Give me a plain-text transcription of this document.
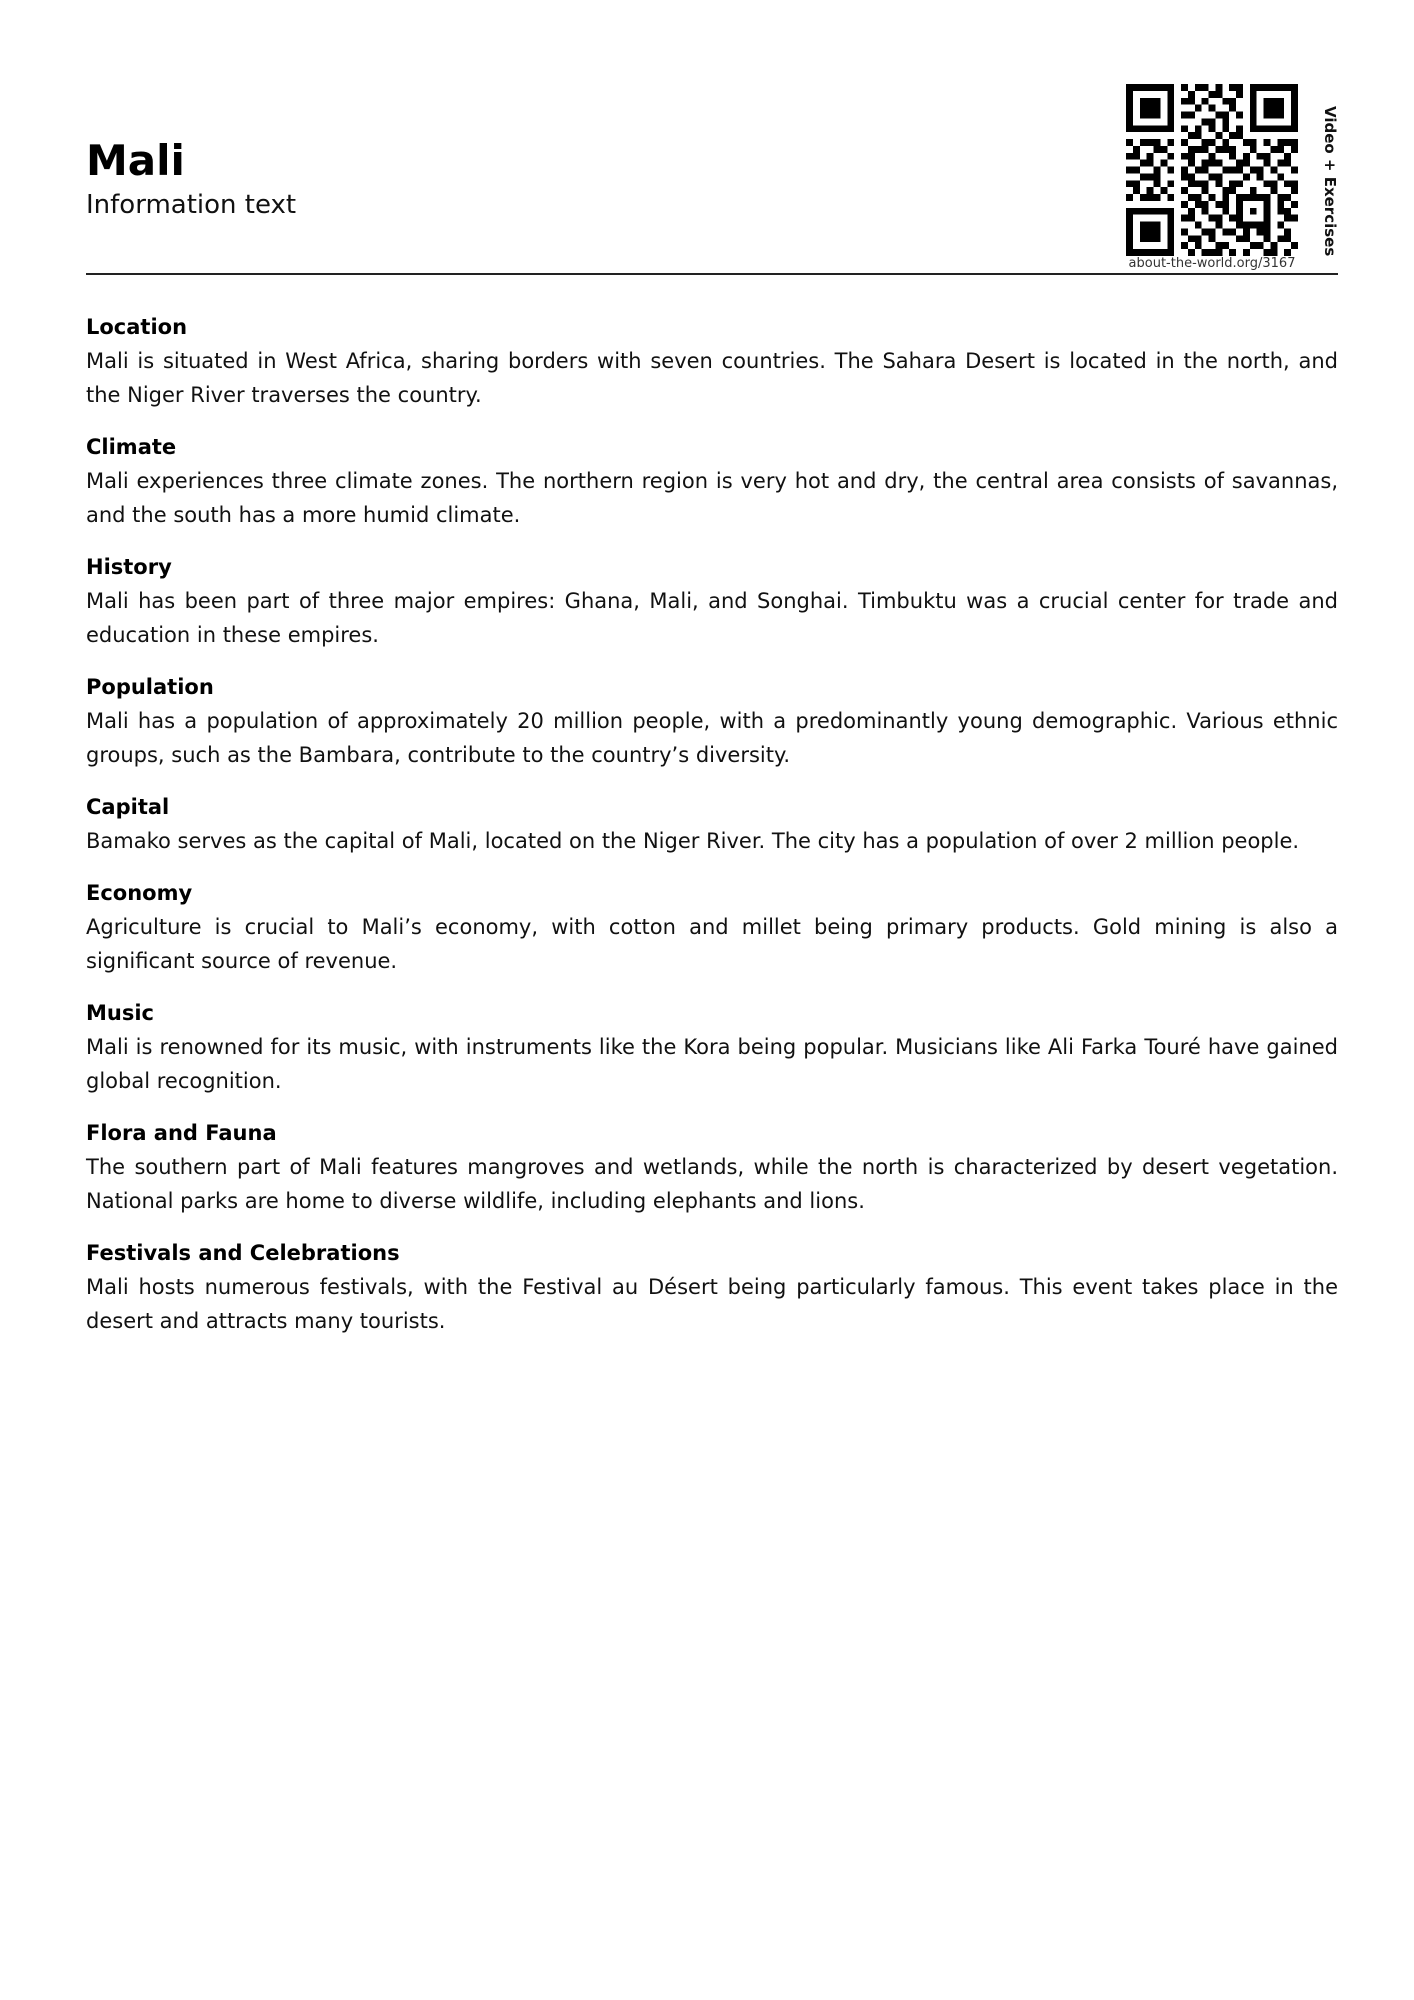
Mali
Information text
about-the-world.org/3167
Video + Exercises
Location

Mali is situated in West Africa, sharing borders with seven countries. The Sahara Desert is located in the north, and the Niger River traverses the country.

Climate

Mali experiences three climate zones. The northern region is very hot and dry, the central area consists of savannas, and the south has a more humid climate.

History

Mali has been part of three major empires: Ghana, Mali, and Songhai. Timbuktu was a crucial center for trade and education in these empires.

Population

Mali has a population of approximately 20 million people, with a predominantly young demographic. Various ethnic groups, such as the Bambara, contribute to the country’s diversity.

Capital

Bamako serves as the capital of Mali, located on the Niger River. The city has a population of over 2 million people.

Economy

Agriculture is crucial to Mali’s economy, with cotton and millet being primary products. Gold mining is also a significant source of revenue.

Music

Mali is renowned for its music, with instruments like the Kora being popular. Musicians like Ali Farka Touré have gained global recognition.

Flora and Fauna

The southern part of Mali features mangroves and wetlands, while the north is characterized by desert vegetation. National parks are home to diverse wildlife, including elephants and lions.

Festivals and Celebrations

Mali hosts numerous festivals, with the Festival au Désert being particularly famous. This event takes place in the desert and attracts many tourists.
